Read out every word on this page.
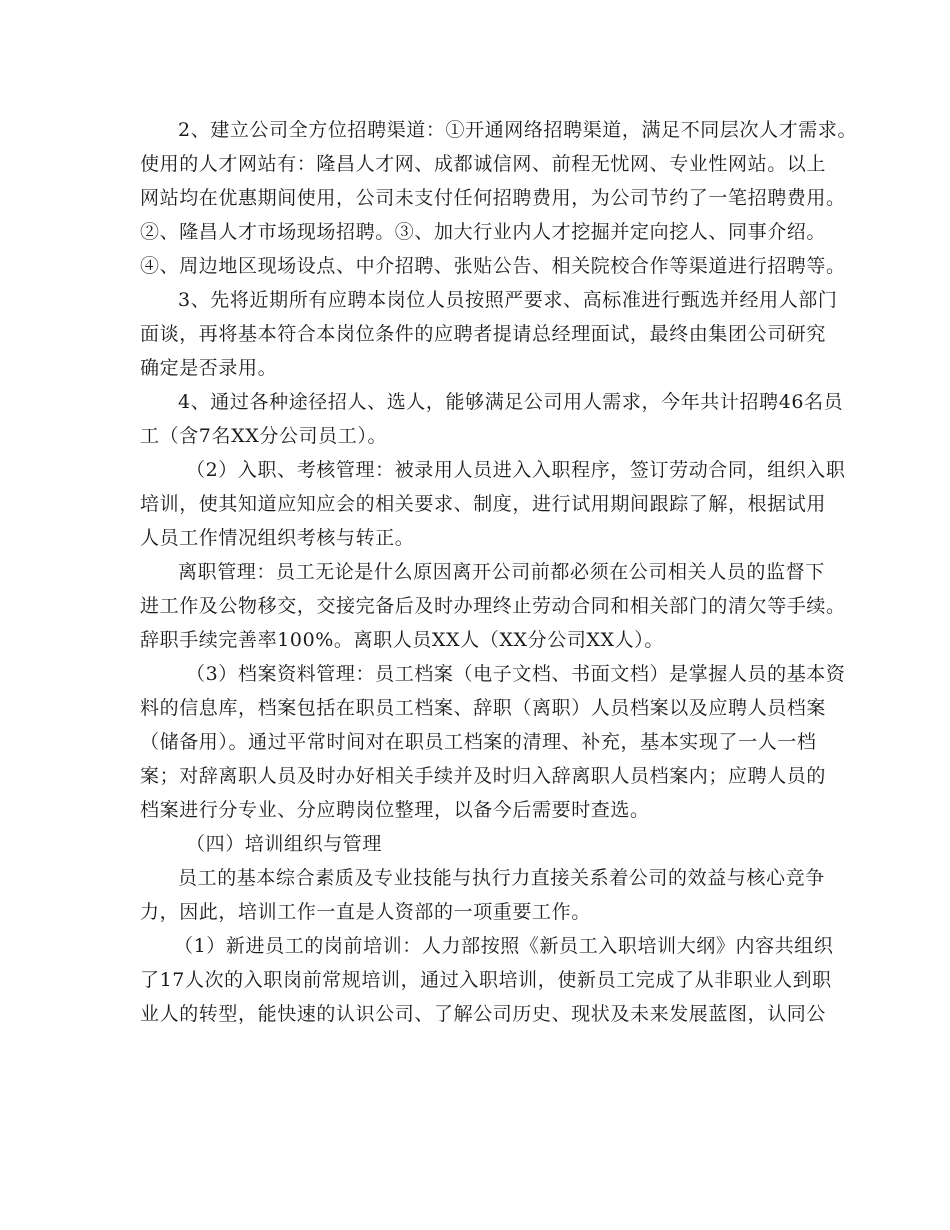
2、建立公司全方位招聘渠道：①开通网络招聘渠道，满足不同层次人才需求。
使用的人才网站有：隆昌人才网、成都诚信网、前程无忧网、专业性网站。以上
网站均在优惠期间使用，公司未支付任何招聘费用，为公司节约了一笔招聘费用。
②、隆昌人才市场现场招聘。③、加大行业内人才挖掘并定向挖人、同事介绍。
④、周边地区现场设点、中介招聘、张贴公告、相关院校合作等渠道进行招聘等。
3、先将近期所有应聘本岗位人员按照严要求、高标准进行甄选并经用人部门
面谈，再将基本符合本岗位条件的应聘者提请总经理面试，最终由集团公司研究
确定是否录用。
4、通过各种途径招人、选人，能够满足公司用人需求，今年共计招聘46名员
工（含7名XX分公司员工）。
（2）入职、考核管理：被录用人员进入入职程序，签订劳动合同，组织入职
培训，使其知道应知应会的相关要求、制度，进行试用期间跟踪了解，根据试用
人员工作情况组织考核与转正。
离职管理：员工无论是什么原因离开公司前都必须在公司相关人员的监督下
进工作及公物移交，交接完备后及时办理终止劳动合同和相关部门的清欠等手续。
辞职手续完善率100%。离职人员XX人（XX分公司XX人）。
（3）档案资料管理：员工档案（电子文档、书面文档）是掌握人员的基本资
料的信息库，档案包括在职员工档案、辞职（离职）人员档案以及应聘人员档案
（储备用）。通过平常时间对在职员工档案的清理、补充，基本实现了一人一档
案；对辞离职人员及时办好相关手续并及时归入辞离职人员档案内；应聘人员的
档案进行分专业、分应聘岗位整理，以备今后需要时查选。
（四）培训组织与管理
员工的基本综合素质及专业技能与执行力直接关系着公司的效益与核心竞争
力，因此，培训工作一直是人资部的一项重要工作。
（1）新进员工的岗前培训：人力部按照《新员工入职培训大纲》内容共组织
了17人次的入职岗前常规培训，通过入职培训，使新员工完成了从非职业人到职
业人的转型，能快速的认识公司、了解公司历史、现状及未来发展蓝图，认同公
